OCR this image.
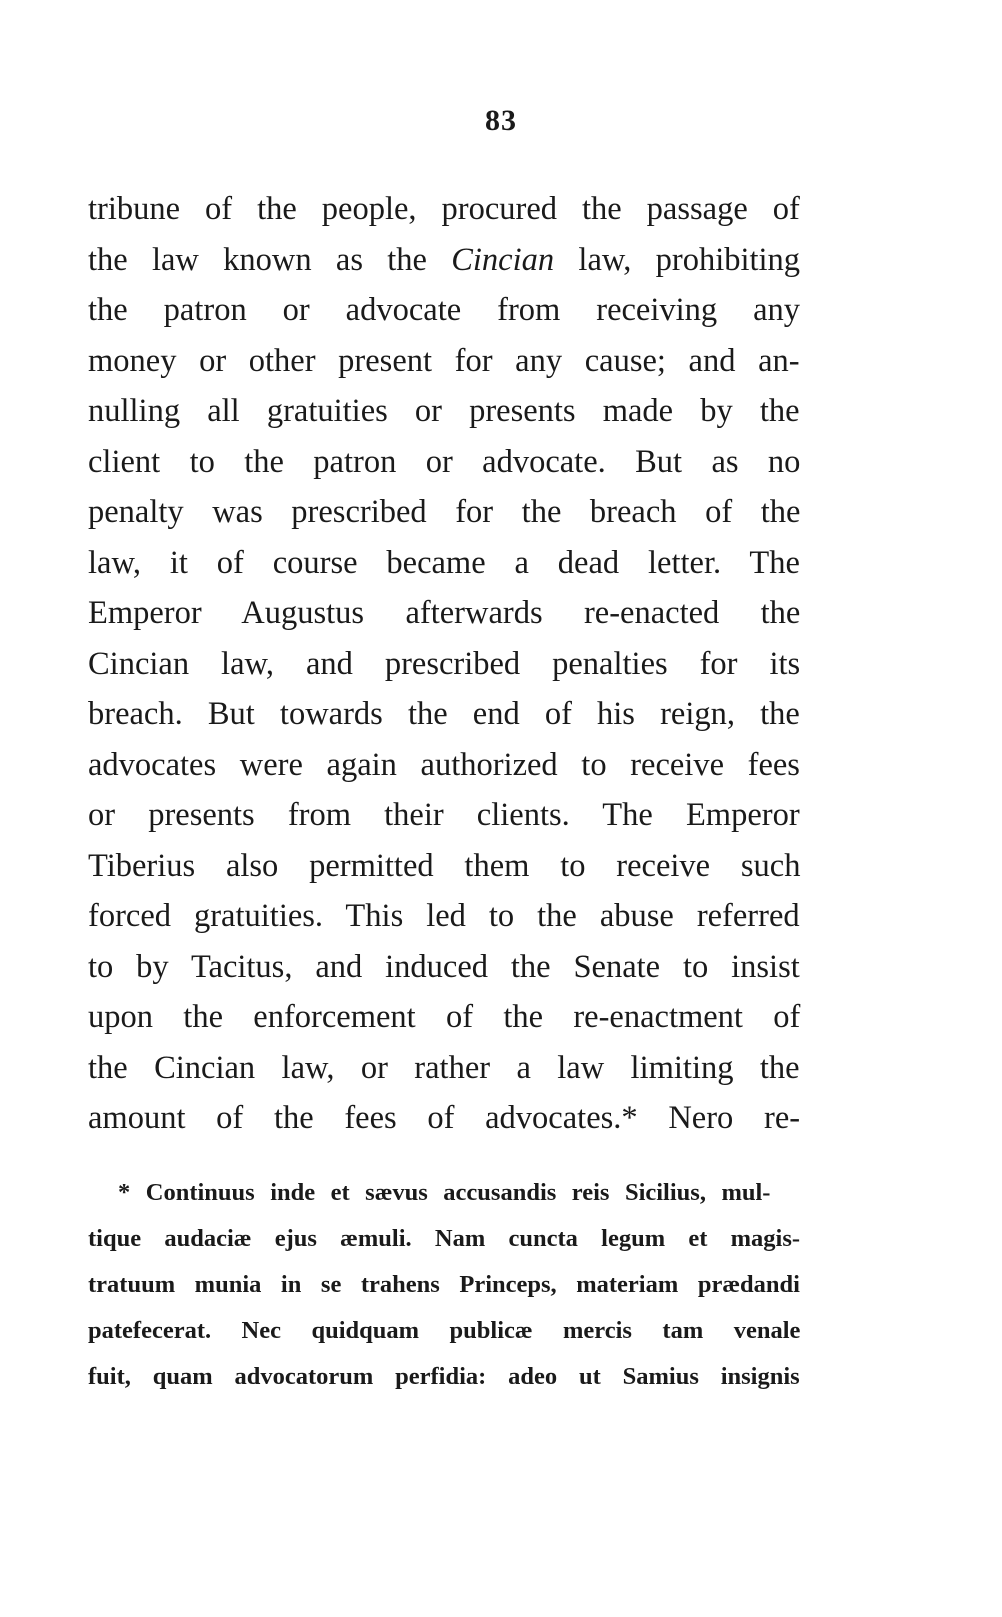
83
tribune of the people, procured the passage of
the law known as the Cincian law, prohibiting
the patron or advocate from receiving any
money or other present for any cause; and an-
nulling all gratuities or presents made by the
client to the patron or advocate. But as no
penalty was prescribed for the breach of the
law, it of course became a dead letter. The
Emperor Augustus afterwards re-enacted the
Cincian law, and prescribed penalties for its
breach. But towards the end of his reign, the
advocates were again authorized to receive fees
or presents from their clients. The Emperor
Tiberius also permitted them to receive such
forced gratuities. This led to the abuse referred
to by Tacitus, and induced the Senate to insist
upon the enforcement of the re-enactment of
the Cincian law, or rather a law limiting the
amount of the fees of advocates.* Nero re-
* Continuus inde et sævus accusandis reis Sicilius, mul-
tique audaciæ ejus æmuli. Nam cuncta legum et magis-
tratuum munia in se trahens Princeps, materiam prædandi
patefecerat. Nec quidquam publicæ mercis tam venale
fuit, quam advocatorum perfidia: adeo ut Samius insignis
